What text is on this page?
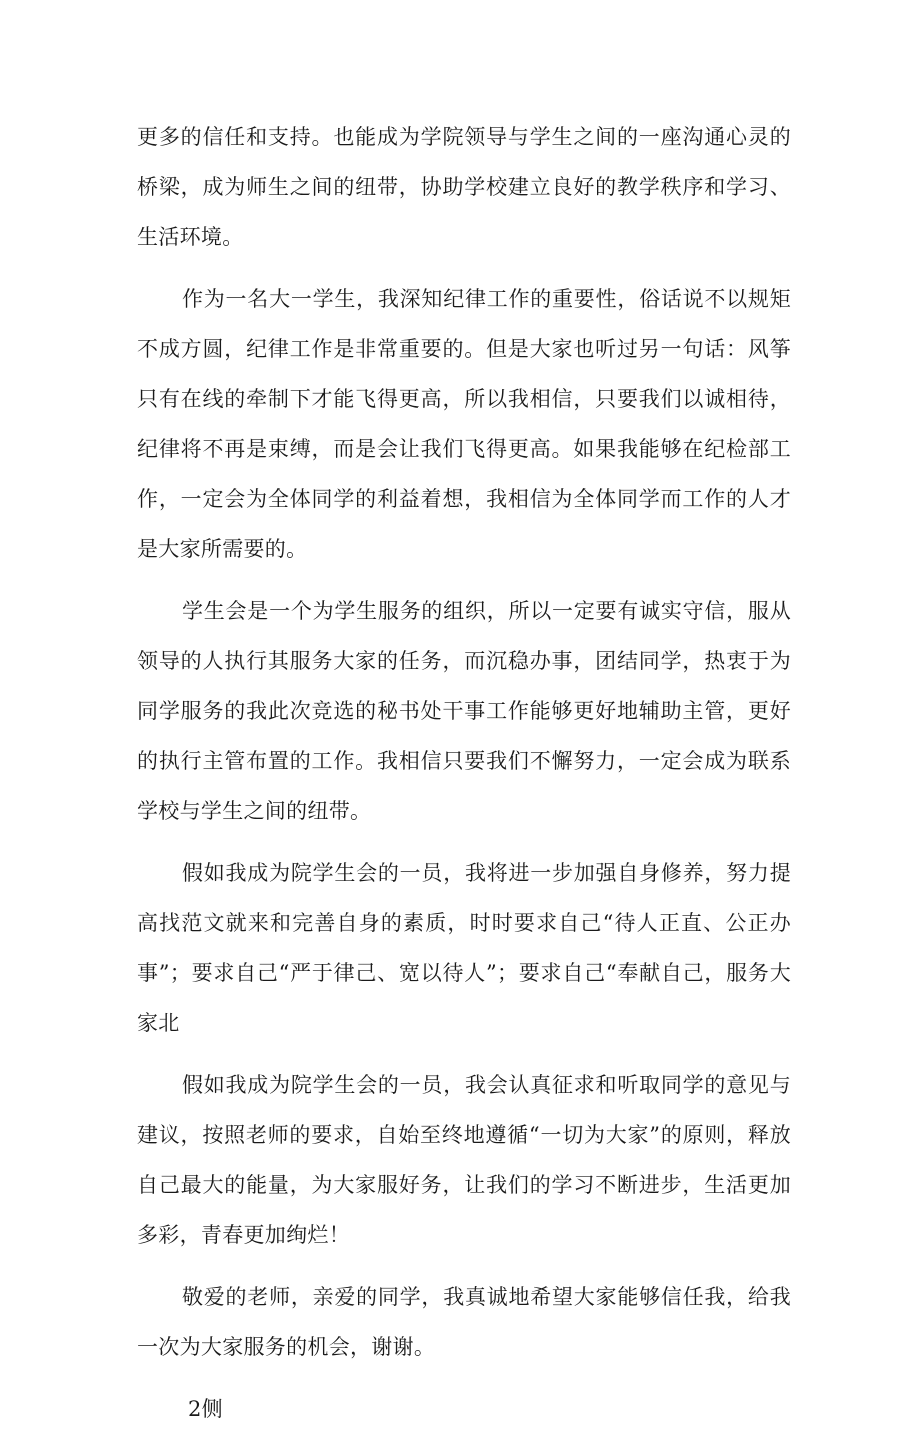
更多的信任和支持。也能成为学院领导与学生之间的一座沟通心灵的桥梁，成为师生之间的纽带，协助学校建立良好的教学秩序和学习、生活环境。

作为一名大一学生，我深知纪律工作的重要性，俗话说不以规矩不成方圆，纪律工作是非常重要的。但是大家也听过另一句话：风筝只有在线的牵制下才能飞得更高，所以我相信，只要我们以诚相待，纪律将不再是束缚，而是会让我们飞得更高。如果我能够在纪检部工作，一定会为全体同学的利益着想，我相信为全体同学而工作的人才是大家所需要的。

学生会是一个为学生服务的组织，所以一定要有诚实守信，服从领导的人执行其服务大家的任务，而沉稳办事，团结同学，热衷于为同学服务的我此次竞选的秘书处干事工作能够更好地辅助主管，更好的执行主管布置的工作。我相信只要我们不懈努力，一定会成为联系学校与学生之间的纽带。

假如我成为院学生会的一员，我将进一步加强自身修养，努力提高找范文就来和完善自身的素质，时时要求自己“待人正直、公正办事”；要求自己“严于律己、宽以待人”；要求自己“奉献自己，服务大家北

假如我成为院学生会的一员，我会认真征求和听取同学的意见与建议，按照老师的要求，自始至终地遵循“一切为大家”的原则，释放自己最大的能量，为大家服好务，让我们的学习不断进步，生活更加多彩，青春更加绚烂！

敬爱的老师，亲爱的同学，我真诚地希望大家能够信任我，给我一次为大家服务的机会，谢谢。

2侧
